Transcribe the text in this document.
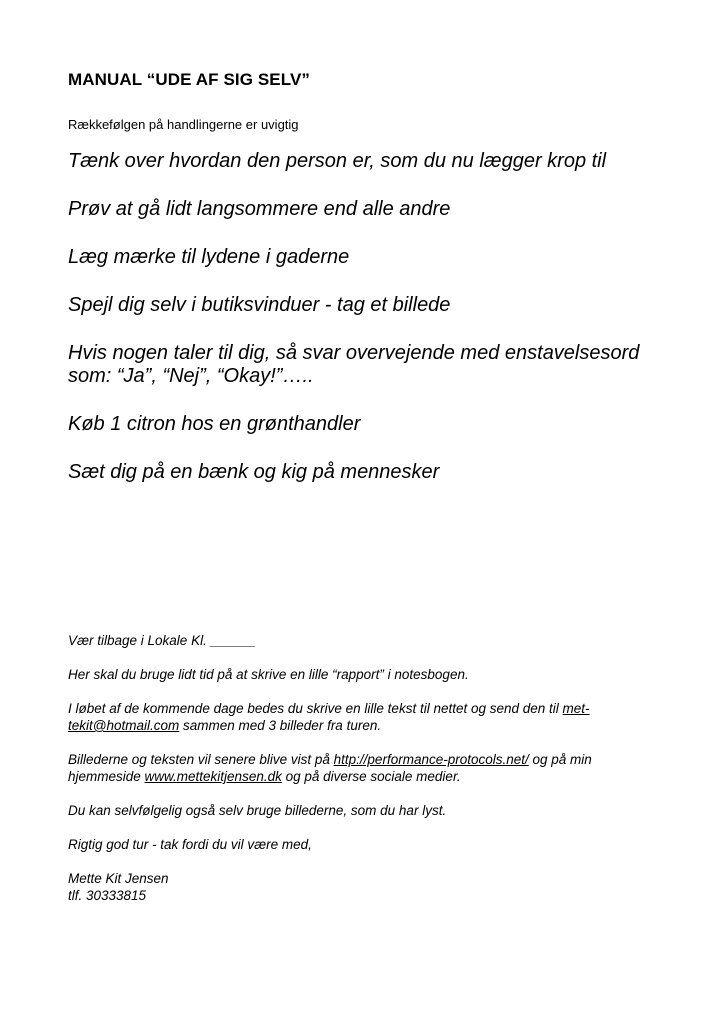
MANUAL “UDE AF SIG SELV”

Rækkefølgen på handlingerne er uvigtig

Tænk over hvordan den person er, som du nu lægger krop til
Prøv at gå lidt langsommere end alle andre
Læg mærke til lydene i gaderne
Spejl dig selv i butiksvinduer - tag et billede
Hvis nogen taler til dig, så svar overvejende med enstavelsesord som: “Ja”, “Nej”, “Okay!”…..
Køb 1 citron hos en grønthandler
Sæt dig på en bænk og kig på mennesker

Vær tilbage i Lokale Kl. ______

Her skal du bruge lidt tid på at skrive en lille “rapport” i notesbogen.

I løbet af de kommende dage bedes du skrive en lille tekst til nettet og send den til met-tekit@hotmail.com sammen med 3 billeder fra turen.

Billederne og teksten vil senere blive vist på http://performance-protocols.net/ og på min hjemmeside www.mettekitjensen.dk og på diverse sociale medier.

Du kan selvfølgelig også selv bruge billederne, som du har lyst.

Rigtig god tur - tak fordi du vil være med,

Mette Kit Jensen
tlf. 30333815
